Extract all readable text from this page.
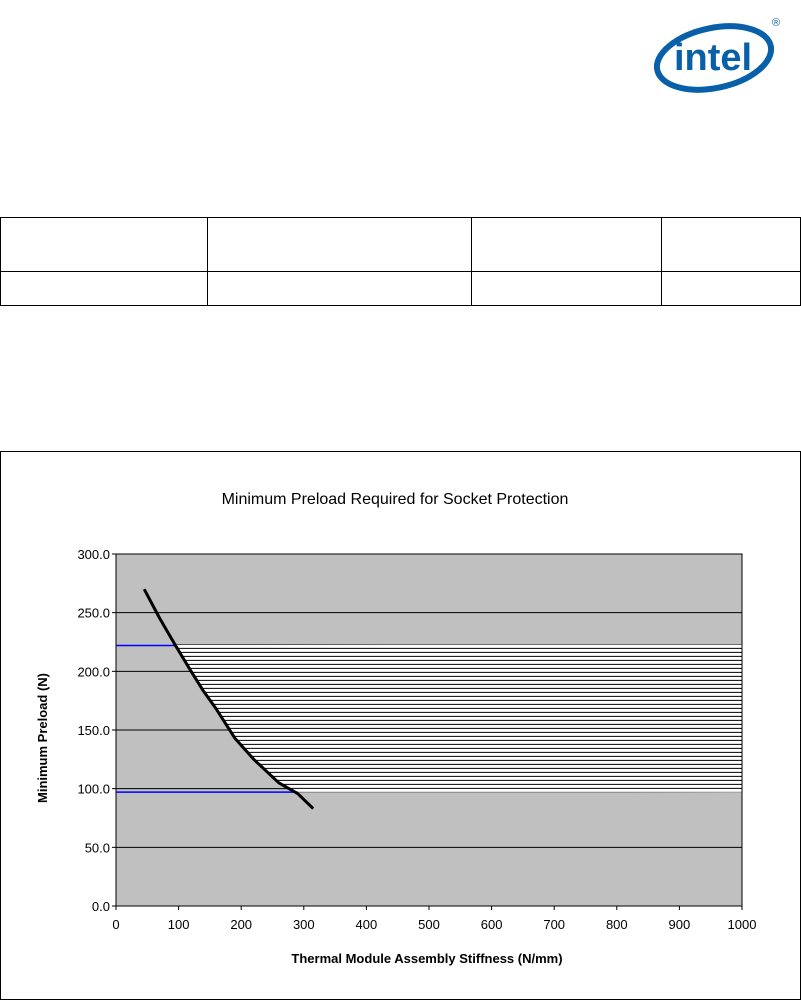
intel
®

0.0
50.0
100.0
150.0
200.0
250.0
300.0
0	100	200	300	400	500	600	700	800	900	1000
Minimum Preload Required for Socket Protection
Thermal Module Assembly Stiffness (N/mm)
Minimum Preload (N)
